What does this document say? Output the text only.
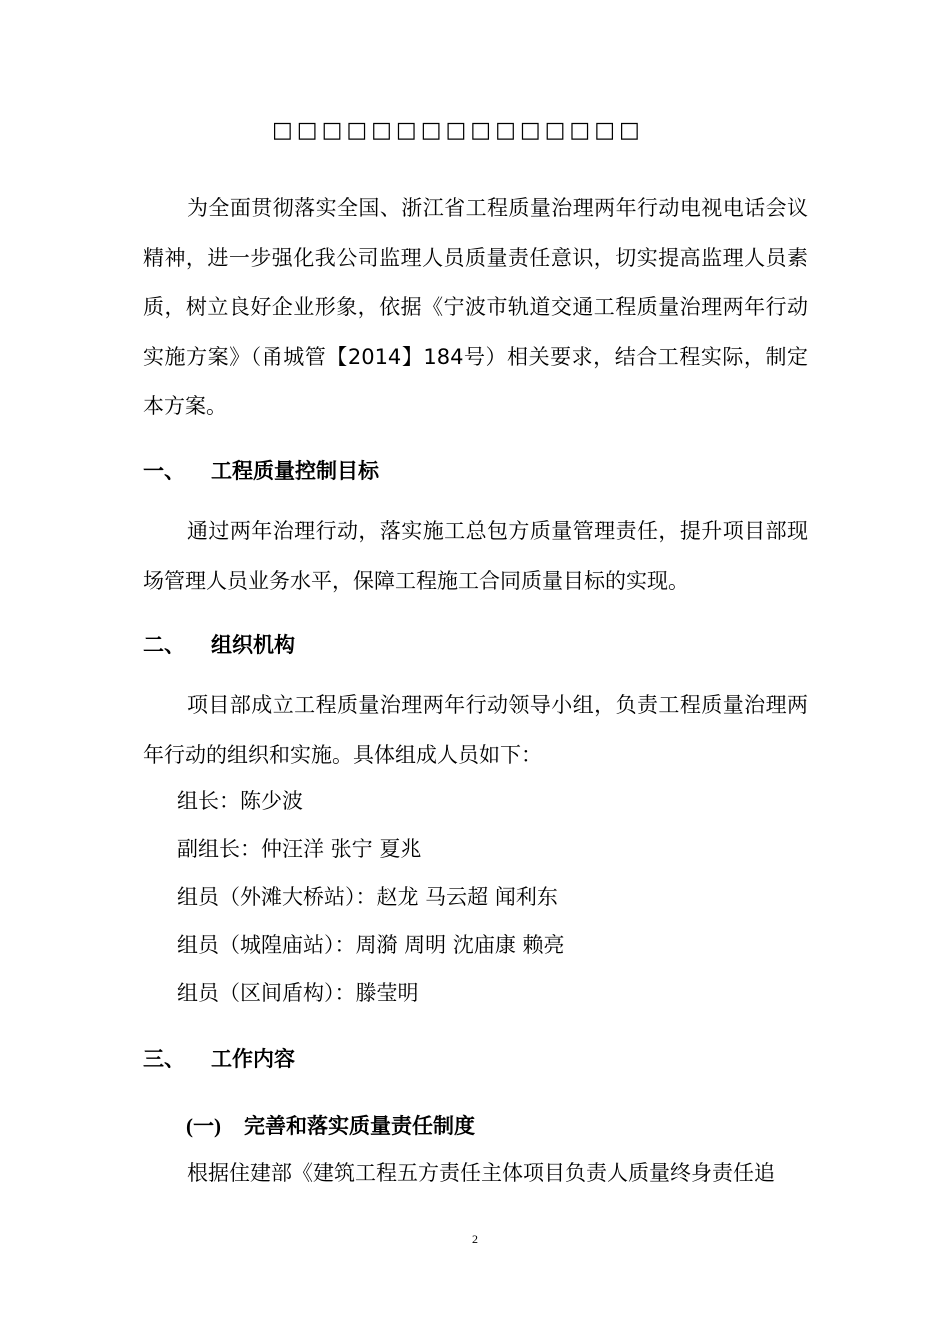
□□□□□□□□□□□□□□□

为全面贯彻落实全国、浙江省工程质量治理两年行动电视电话会议精神，进一步强化我公司监理人员质量责任意识，切实提高监理人员素质，树立良好企业形象，依据《宁波市轨道交通工程质量治理两年行动实施方案》（甬城管【2014】184号）相关要求，结合工程实际，制定本方案。

一、 工程质量控制目标

通过两年治理行动，落实施工总包方质量管理责任，提升项目部现场管理人员业务水平，保障工程施工合同质量目标的实现。

二、 组织机构

项目部成立工程质量治理两年行动领导小组，负责工程质量治理两年行动的组织和实施。具体组成人员如下：

组长：陈少波
副组长：仲汪洋 张宁 夏兆
组员（外滩大桥站）：赵龙 马云超 闻利东
组员（城隍庙站）：周漪 周明 沈庙康 赖亮
组员（区间盾构）：滕莹明
三、 工作内容
(一) 完善和落实质量责任制度
根据住建部《建筑工程五方责任主体项目负责人质量终身责任追
2
